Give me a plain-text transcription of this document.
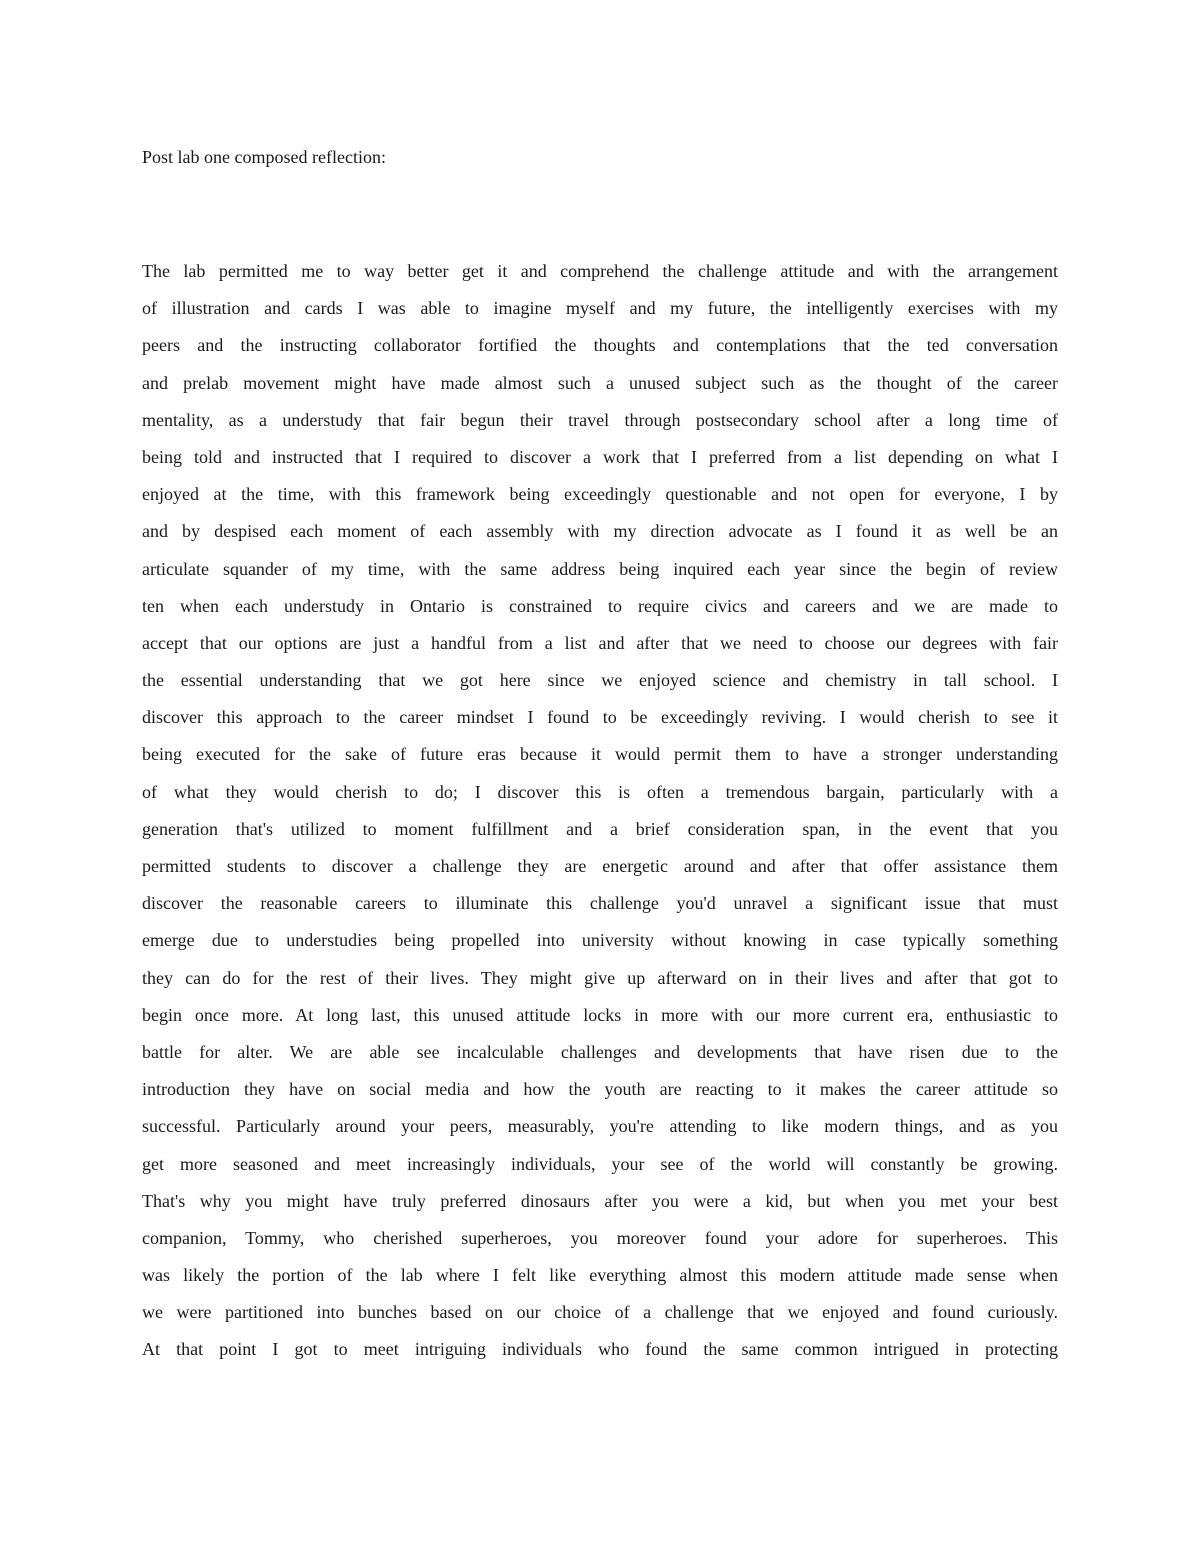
Post lab one composed reflection:
The lab permitted me to way better get it and comprehend the challenge attitude and with the arrangement
of illustration and cards I was able to imagine myself and my future, the intelligently exercises with my
peers and the instructing collaborator fortified the thoughts and contemplations that the ted conversation
and prelab movement might have made almost such a unused subject such as the thought of the career
mentality, as a understudy that fair begun their travel through postsecondary school after a long time of
being told and instructed that I required to discover a work that I preferred from a list depending on what I
enjoyed at the time, with this framework being exceedingly questionable and not open for everyone, I by
and by despised each moment of each assembly with my direction advocate as I found it as well be an
articulate squander of my time, with the same address being inquired each year since the begin of review
ten when each understudy in Ontario is constrained to require civics and careers and we are made to
accept that our options are just a handful from a list and after that we need to choose our degrees with fair
the essential understanding that we got here since we enjoyed science and chemistry in tall school. I
discover this approach to the career mindset I found to be exceedingly reviving. I would cherish to see it
being executed for the sake of future eras because it would permit them to have a stronger understanding
of what they would cherish to do; I discover this is often a tremendous bargain, particularly with a
generation that's utilized to moment fulfillment and a brief consideration span, in the event that you
permitted students to discover a challenge they are energetic around and after that offer assistance them
discover the reasonable careers to illuminate this challenge you'd unravel a significant issue that must
emerge due to understudies being propelled into university without knowing in case typically something
they can do for the rest of their lives. They might give up afterward on in their lives and after that got to
begin once more. At long last, this unused attitude locks in more with our more current era, enthusiastic to
battle for alter. We are able see incalculable challenges and developments that have risen due to the
introduction they have on social media and how the youth are reacting to it makes the career attitude so
successful. Particularly around your peers, measurably, you're attending to like modern things, and as you
get more seasoned and meet increasingly individuals, your see of the world will constantly be growing.
That's why you might have truly preferred dinosaurs after you were a kid, but when you met your best
companion, Tommy, who cherished superheroes, you moreover found your adore for superheroes. This
was likely the portion of the lab where I felt like everything almost this modern attitude made sense when
we were partitioned into bunches based on our choice of a challenge that we enjoyed and found curiously.
At that point I got to meet intriguing individuals who found the same common intrigued in protecting
